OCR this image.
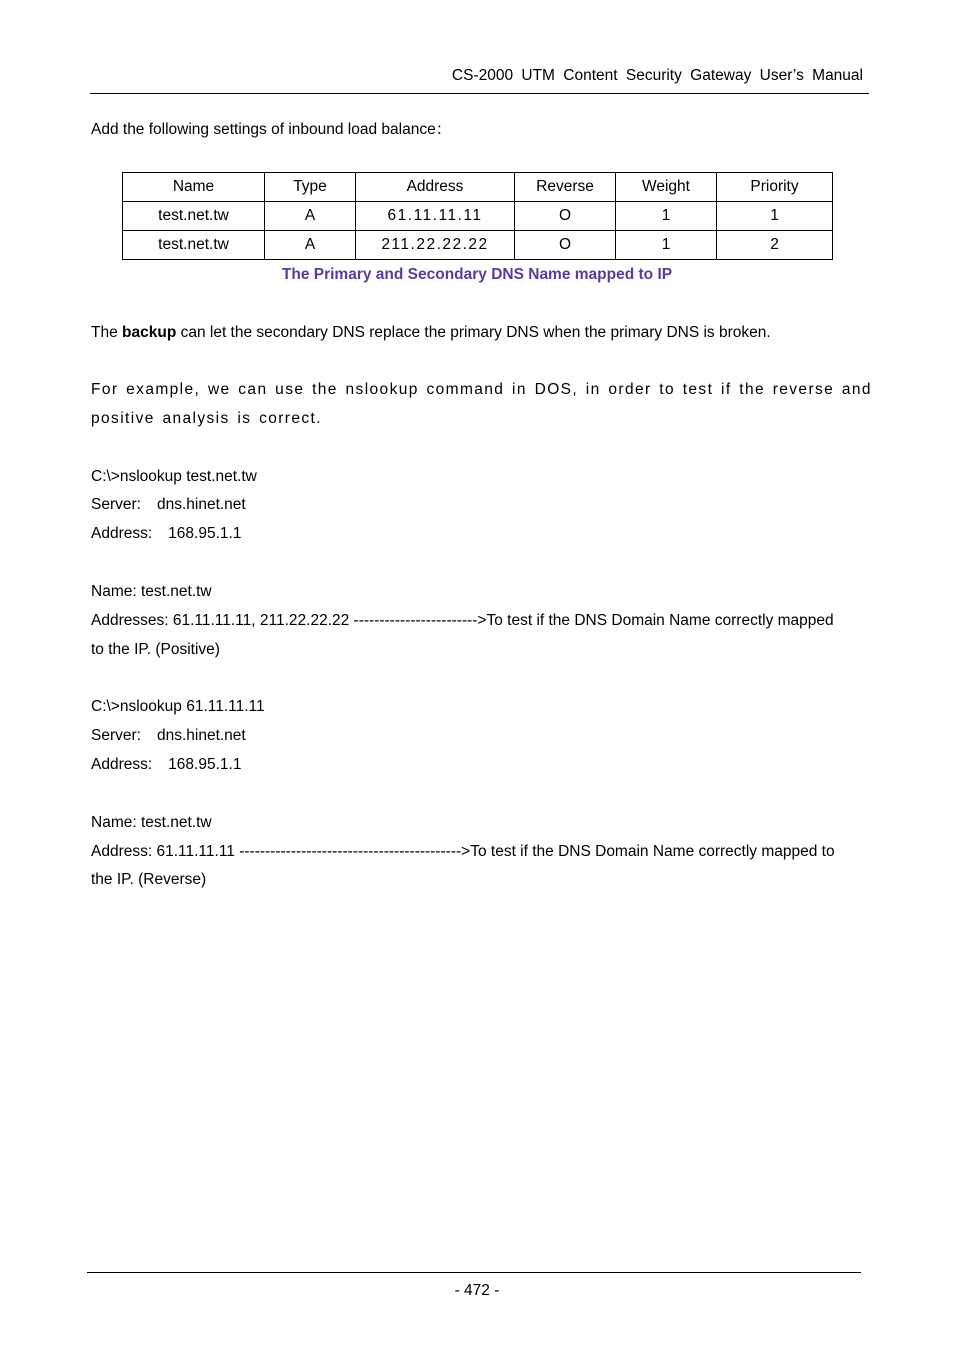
CS-2000 UTM Content Security Gateway User’s Manual
Add the following settings of inbound load balance：
Name	Type	Address	Reverse	Weight	Priority
test.net.tw	A	61.11.11.11	O	1	1
test.net.tw	A	211.22.22.22	O	1	2
The Primary and Secondary DNS Name mapped to IP
The backup can let the secondary DNS replace the primary DNS when the primary DNS is broken.
For example, we can use the nslookup command in DOS, in order to test if the reverse and
positive analysis is correct.
C:\>nslookup test.net.tw
Server: dns.hinet.net
Address: 168.95.1.1
Name: test.net.tw
Addresses: 61.11.11.11, 211.22.22.22 ------------------------>To test if the DNS Domain Name correctly mapped
to the IP. (Positive)
C:\>nslookup 61.11.11.11
Server: dns.hinet.net
Address: 168.95.1.1
Name: test.net.tw
Address: 61.11.11.11 ------------------------------------------->To test if the DNS Domain Name correctly mapped to
the IP. (Reverse)
- 472 -
